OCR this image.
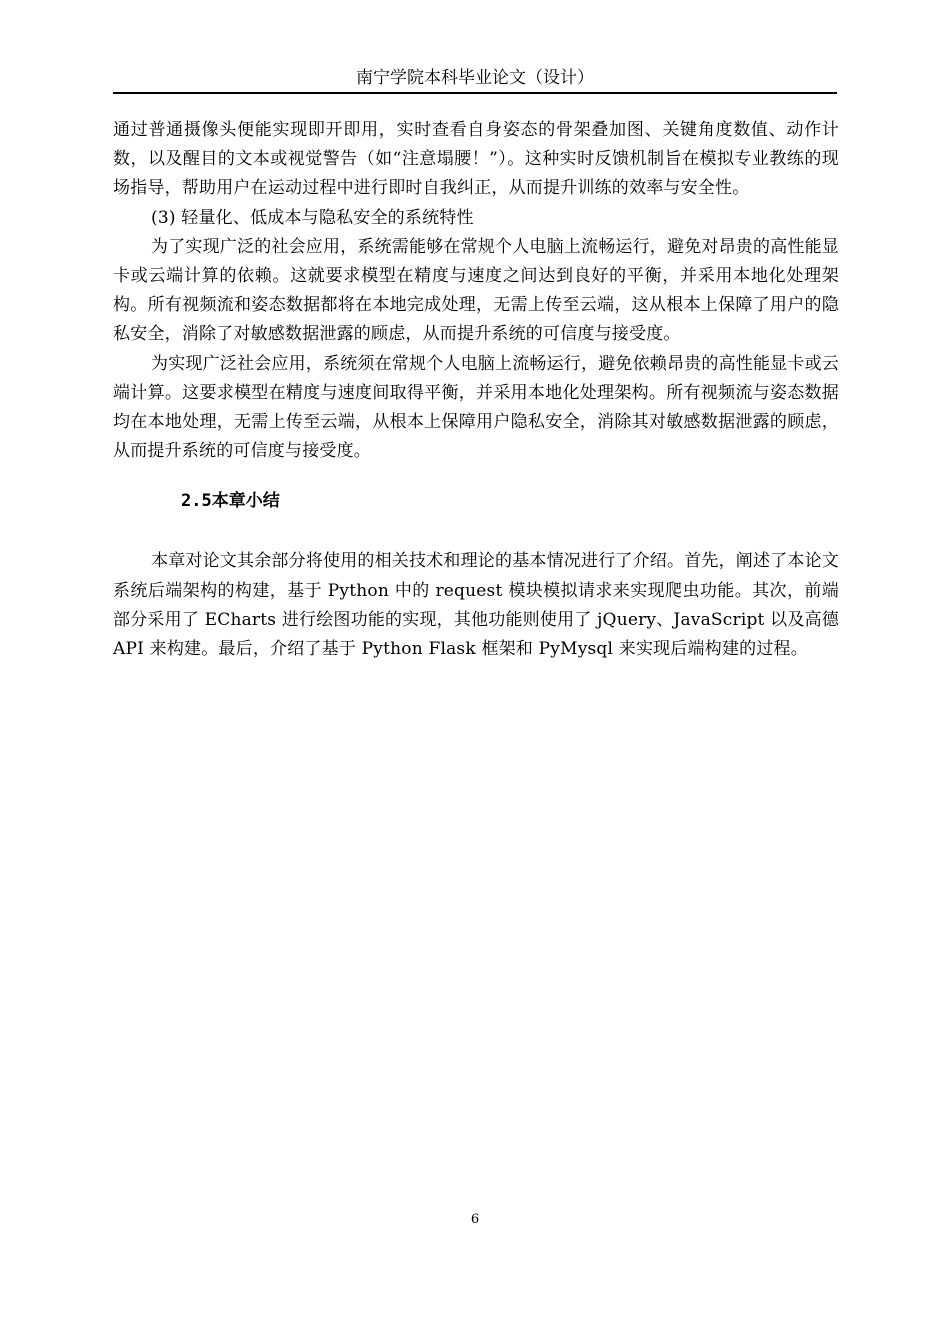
南宁学院本科毕业论文（设计）

通过普通摄像头便能实现即开即用，实时查看自身姿态的骨架叠加图、关键角度数值、动作计数，以及醒目的文本或视觉警告（如“注意塌腰！”）。这种实时反馈机制旨在模拟专业教练的现场指导，帮助用户在运动过程中进行即时自我纠正，从而提升训练的效率与安全性。

(3) 轻量化、低成本与隐私安全的系统特性

为了实现广泛的社会应用，系统需能够在常规个人电脑上流畅运行，避免对昂贵的高性能显卡或云端计算的依赖。这就要求模型在精度与速度之间达到良好的平衡，并采用本地化处理架构。所有视频流和姿态数据都将在本地完成处理，无需上传至云端，这从根本上保障了用户的隐私安全，消除了对敏感数据泄露的顾虑，从而提升系统的可信度与接受度。

为实现广泛社会应用，系统须在常规个人电脑上流畅运行，避免依赖昂贵的高性能显卡或云端计算。这要求模型在精度与速度间取得平衡，并采用本地化处理架构。所有视频流与姿态数据均在本地处理，无需上传至云端，从根本上保障用户隐私安全，消除其对敏感数据泄露的顾虑，从而提升系统的可信度与接受度。

2.5本章小结

本章对论文其余部分将使用的相关技术和理论的基本情况进行了介绍。首先，阐述了本论文系统后端架构的构建，基于 Python 中的 request 模块模拟请求来实现爬虫功能。其次，前端部分采用了 ECharts 进行绘图功能的实现，其他功能则使用了 jQuery、JavaScript 以及高德 API 来构建。最后，介绍了基于 Python Flask 框架和 PyMysql 来实现后端构建的过程。

6
